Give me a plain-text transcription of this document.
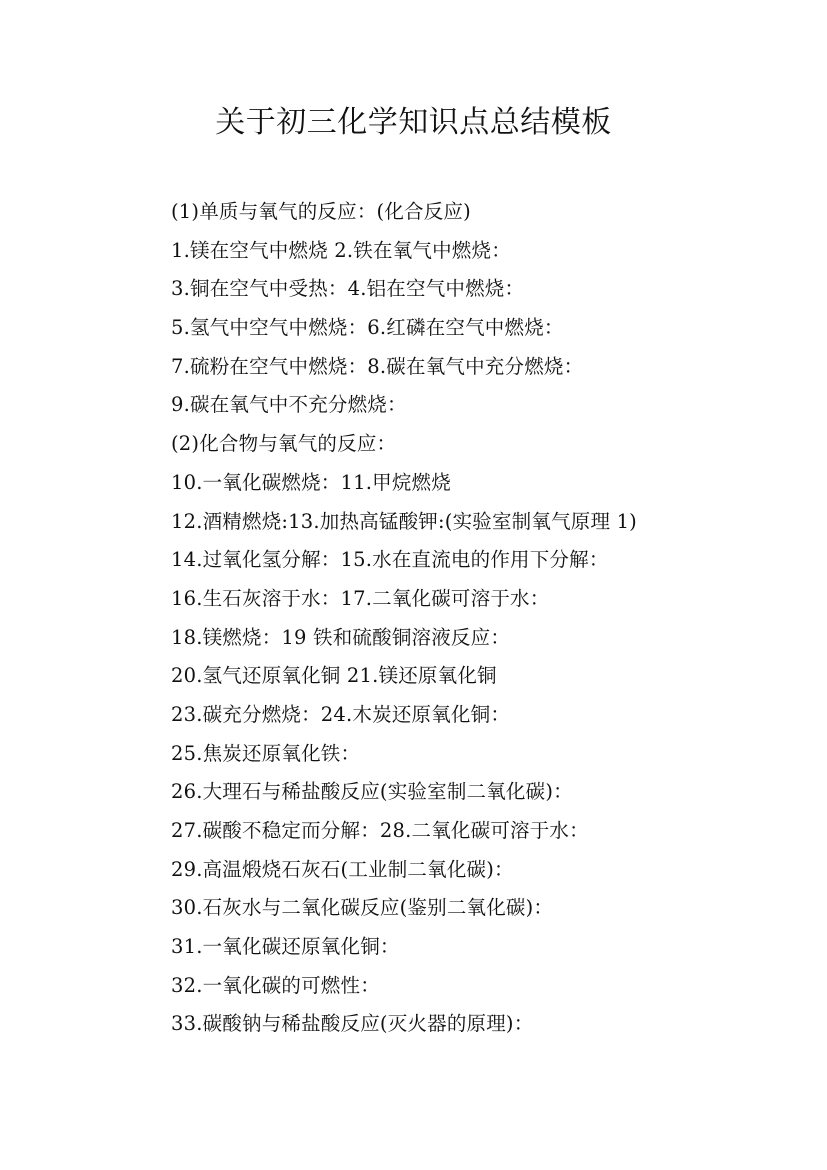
关于初三化学知识点总结模板
(1)单质与氧气的反应：(化合反应)
1.镁在空气中燃烧 2.铁在氧气中燃烧：
3.铜在空气中受热：4.铝在空气中燃烧：
5.氢气中空气中燃烧：6.红磷在空气中燃烧：
7.硫粉在空气中燃烧：8.碳在氧气中充分燃烧：
9.碳在氧气中不充分燃烧：
(2)化合物与氧气的反应：
10.一氧化碳燃烧：11.甲烷燃烧
12.酒精燃烧:13.加热高锰酸钾:(实验室制氧气原理 1)
14.过氧化氢分解：15.水在直流电的作用下分解：
16.生石灰溶于水：17.二氧化碳可溶于水：
18.镁燃烧：19 铁和硫酸铜溶液反应：
20.氢气还原氧化铜 21.镁还原氧化铜
23.碳充分燃烧：24.木炭还原氧化铜：
25.焦炭还原氧化铁：
26.大理石与稀盐酸反应(实验室制二氧化碳)：
27.碳酸不稳定而分解：28.二氧化碳可溶于水：
29.高温煅烧石灰石(工业制二氧化碳)：
30.石灰水与二氧化碳反应(鉴别二氧化碳)：
31.一氧化碳还原氧化铜：
32.一氧化碳的可燃性：
33.碳酸钠与稀盐酸反应(灭火器的原理)：
